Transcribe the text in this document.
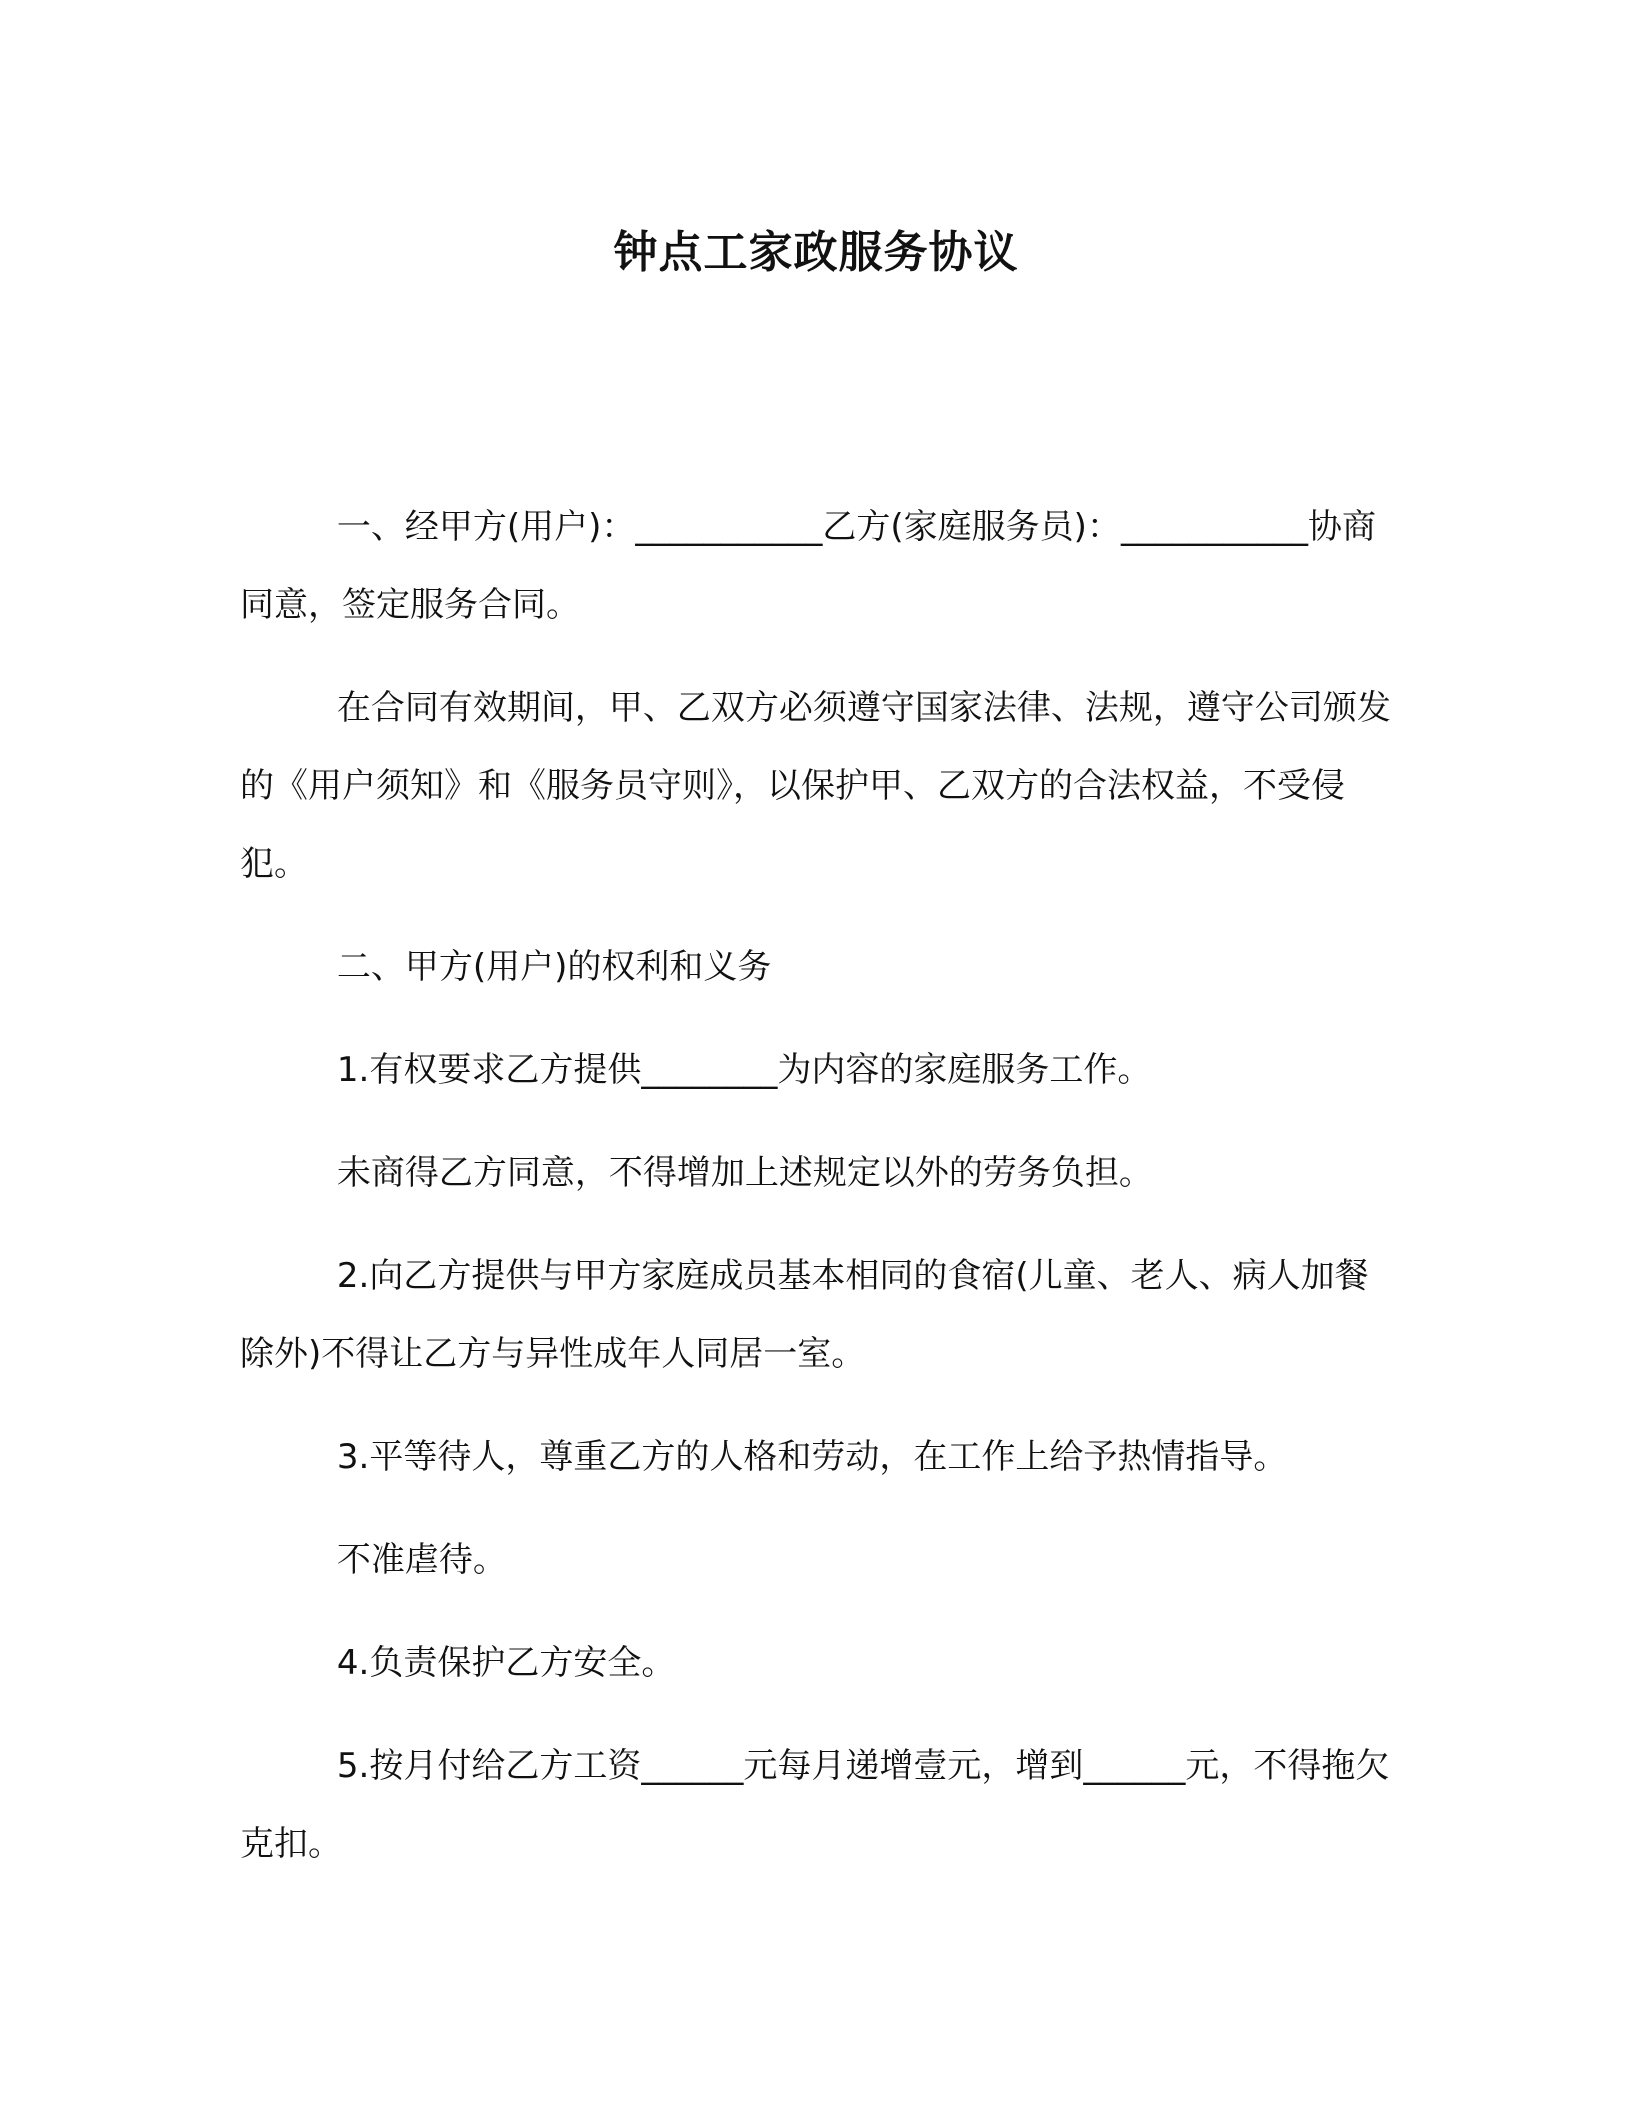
钟点工家政服务协议

一、经甲方(用户)：___________乙方(家庭服务员)：___________协商同意，签定服务合同。

在合同有效期间，甲、乙双方必须遵守国家法律、法规，遵守公司颁发的《用户须知》和《服务员守则》，以保护甲、乙双方的合法权益，不受侵犯。

二、甲方(用户)的权利和义务

1.有权要求乙方提供________为内容的家庭服务工作。

未商得乙方同意，不得增加上述规定以外的劳务负担。

2.向乙方提供与甲方家庭成员基本相同的食宿(儿童、老人、病人加餐除外)不得让乙方与异性成年人同居一室。

3.平等待人，尊重乙方的人格和劳动，在工作上给予热情指导。

不准虐待。

4.负责保护乙方安全。

5.按月付给乙方工资______元每月递增壹元，增到______元，不得拖欠克扣。
